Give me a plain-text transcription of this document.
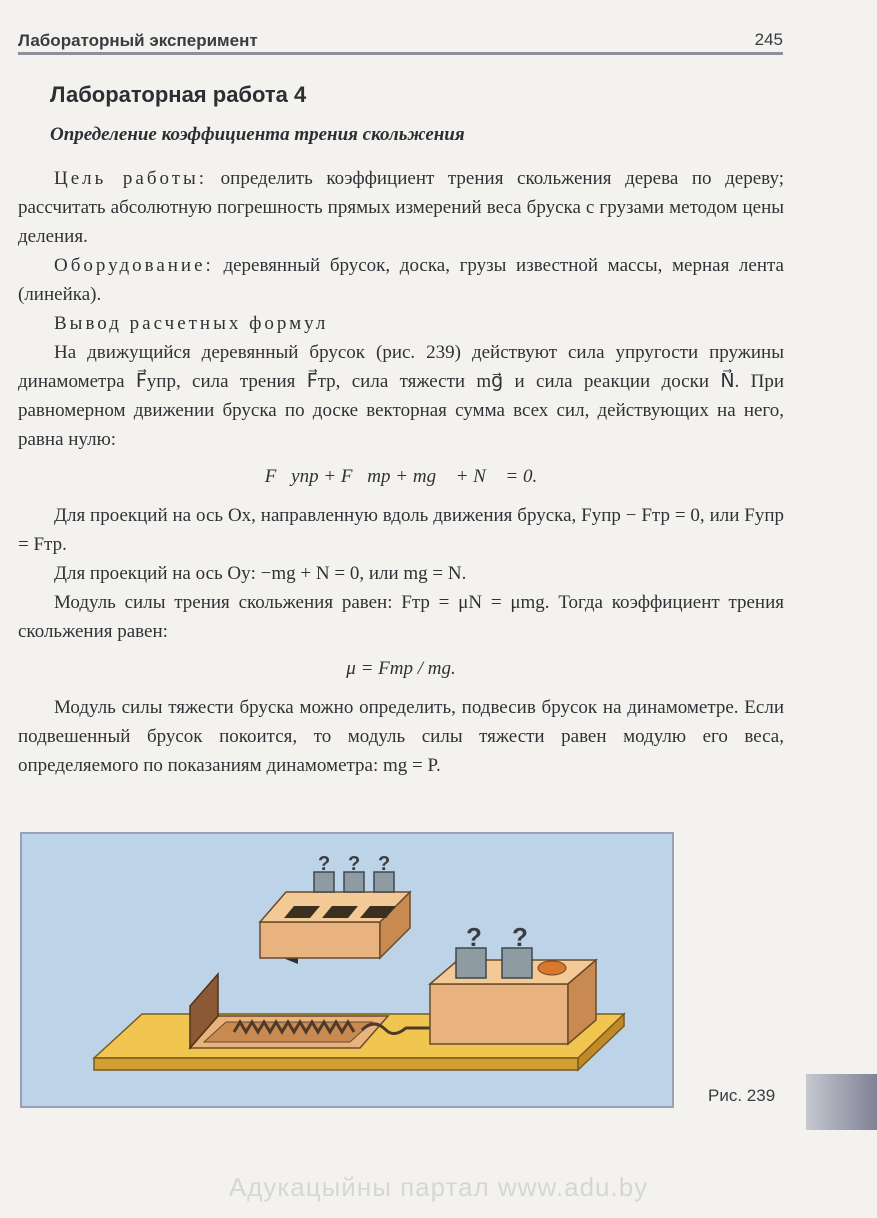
Лабораторный эксперимент	245
Лабораторная работа 4
Определение коэффициента трения скольжения

Цель работы: определить коэффициент трения скольжения дерева по дереву; рассчитать абсолютную погрешность прямых измерений веса бруска с грузами методом цены деления.

Оборудование: деревянный брусок, доска, грузы известной массы, мерная лента (линейка).

Вывод расчетных формул

На движущийся деревянный брусок (рис. 239) действуют сила упругости пружины динамометра F⃗упр, сила трения F⃗тр, сила тяжести mg⃗ и сила реакции доски N⃗. При равномерном движении бруска по доске векторная сумма всех сил, действующих на него, равна нулю:

F⃗упр + F⃗тр + mg⃗ + N⃗ = 0.

Для проекций на ось Ox, направленную вдоль движения бруска, Fупр − Fтр = 0, или Fупр = Fтр.

Для проекций на ось Oy: −mg + N = 0, или mg = N.

Модуль силы трения скольжения равен: Fтр = μN = μmg. Тогда коэффициент трения скольжения равен:

μ = Fтр / mg.

Модуль силы тяжести бруска можно определить, подвесив брусок на динамометре. Если подвешенный брусок покоится, то модуль силы тяжести равен модулю его веса, определяемого по показаниям динамометра: mg = P.

? ?
? ? ?
Рис. 239
Адукацыйны партал www.adu.by
